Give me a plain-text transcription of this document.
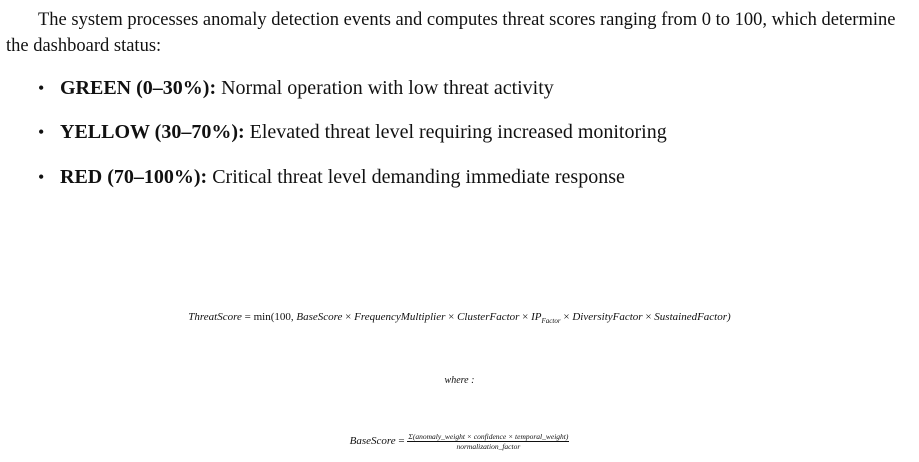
The system processes anomaly detection events and computes threat scores ranging from 0 to 100, which determine the dashboard status:

• GREEN (0–30%): Normal operation with low threat activity
• YELLOW (30–70%): Elevated threat level requiring increased monitoring
• RED (70–100%): Critical threat level demanding immediate response
ThreatScore = min(100, BaseScore × FrequencyMultiplier × ClusterFactor × $IP_{Factor}$ × DiversityFactor × SustainedFactor)
where :
BaseScore = $\frac{\text{Σ(anomaly\_weight × confidence × temporal\_weight)}}{\text{normalization\_factor}}$
